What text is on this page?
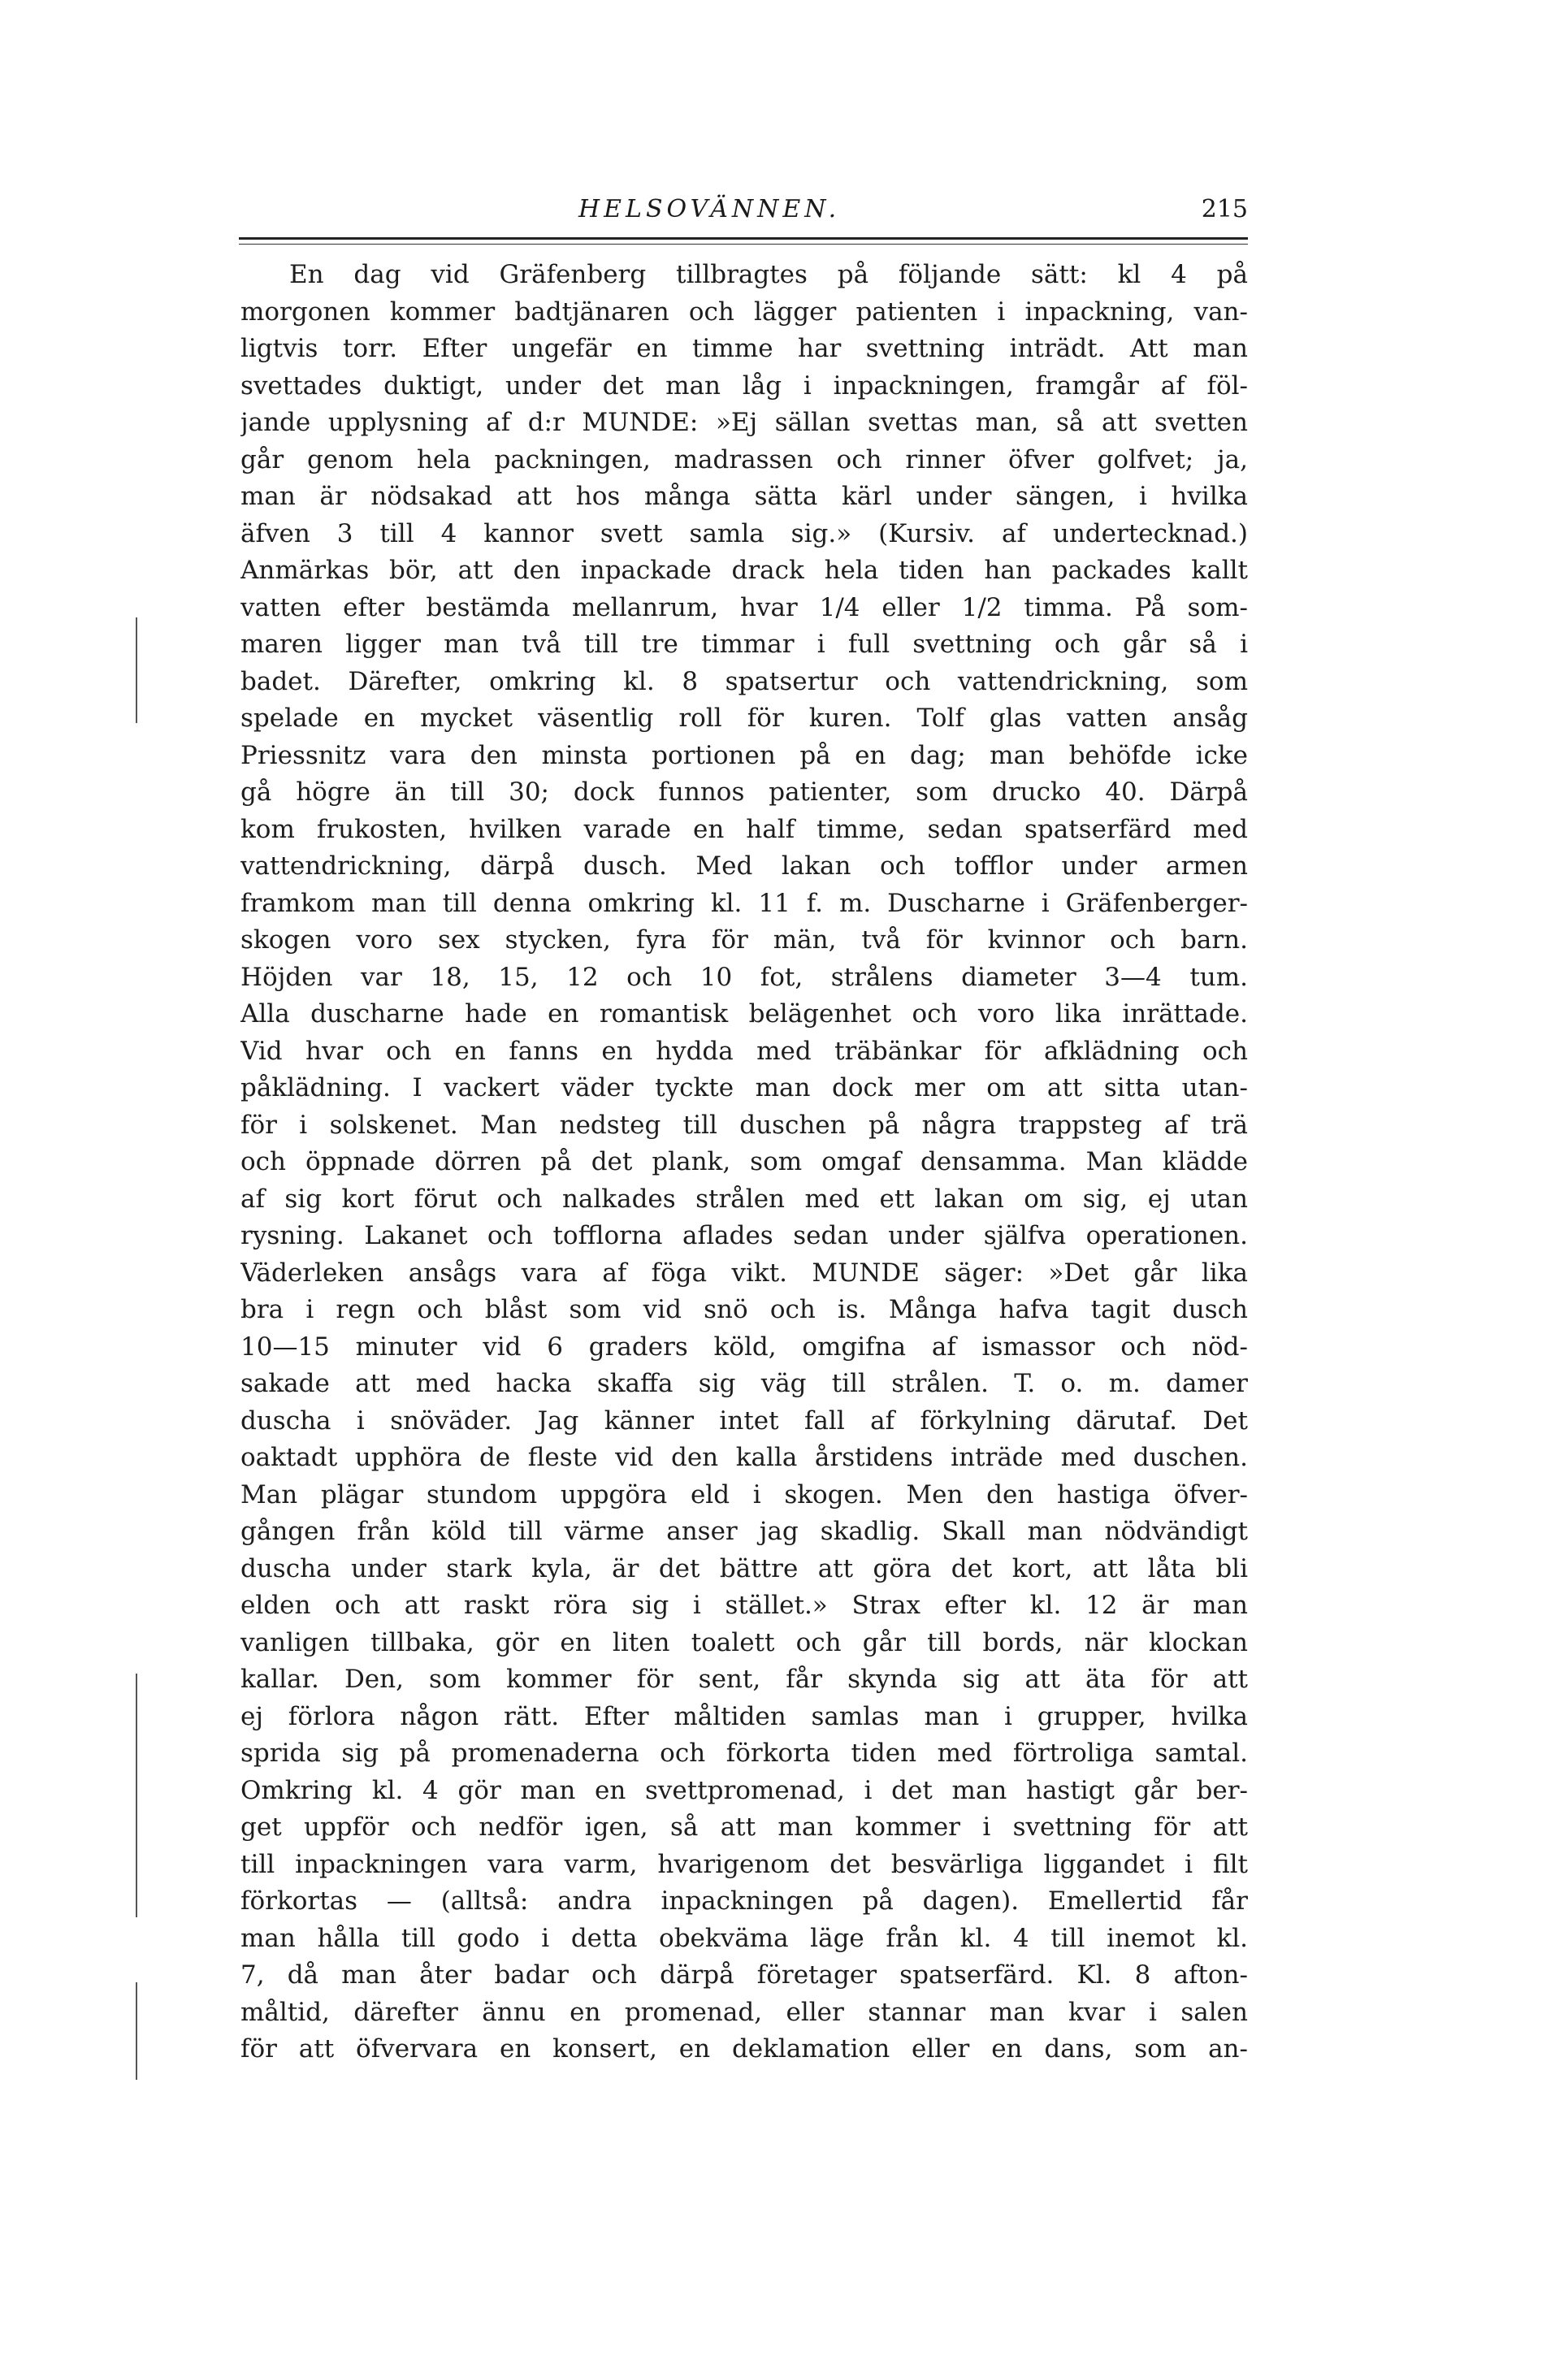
HELSOVÄNNEN.	215
En dag vid Gräfenberg tillbragtes på följande sätt: kl 4 på
morgonen kommer badtjänaren och lägger patienten i inpackning, van-
ligtvis torr. Efter ungefär en timme har svettning inträdt. Att man
svettades duktigt, under det man låg i inpackningen, framgår af föl-
jande upplysning af d:r MUNDE: »Ej sällan svettas man, så att svetten
går genom hela packningen, madrassen och rinner öfver golfvet; ja,
man är nödsakad att hos många sätta kärl under sängen, i hvilka
äfven 3 till 4 kannor svett samla sig.» (Kursiv. af undertecknad.)
Anmärkas bör, att den inpackade drack hela tiden han packades kallt
vatten efter bestämda mellanrum, hvar 1/4 eller 1/2 timma. På som-
maren ligger man två till tre timmar i full svettning och går så i
badet. Därefter, omkring kl. 8 spatsertur och vattendrickning, som
spelade en mycket väsentlig roll för kuren. Tolf glas vatten ansåg
Priessnitz vara den minsta portionen på en dag; man behöfde icke
gå högre än till 30; dock funnos patienter, som drucko 40. Därpå
kom frukosten, hvilken varade en half timme, sedan spatserfärd med
vattendrickning, därpå dusch. Med lakan och tofflor under armen
framkom man till denna omkring kl. 11 f. m. Duscharne i Gräfenberger-
skogen voro sex stycken, fyra för män, två för kvinnor och barn.
Höjden var 18, 15, 12 och 10 fot, strålens diameter 3—4 tum.
Alla duscharne hade en romantisk belägenhet och voro lika inrättade.
Vid hvar och en fanns en hydda med träbänkar för afklädning och
påklädning. I vackert väder tyckte man dock mer om att sitta utan-
för i solskenet. Man nedsteg till duschen på några trappsteg af trä
och öppnade dörren på det plank, som omgaf densamma. Man klädde
af sig kort förut och nalkades strålen med ett lakan om sig, ej utan
rysning. Lakanet och tofflorna aflades sedan under själfva operationen.
Väderleken ansågs vara af föga vikt. MUNDE säger: »Det går lika
bra i regn och blåst som vid snö och is. Många hafva tagit dusch
10—15 minuter vid 6 graders köld, omgifna af ismassor och nöd-
sakade att med hacka skaffa sig väg till strålen. T. o. m. damer
duscha i snöväder. Jag känner intet fall af förkylning därutaf. Det
oaktadt upphöra de fleste vid den kalla årstidens inträde med duschen.
Man plägar stundom uppgöra eld i skogen. Men den hastiga öfver-
gången från köld till värme anser jag skadlig. Skall man nödvändigt
duscha under stark kyla, är det bättre att göra det kort, att låta bli
elden och att raskt röra sig i stället.» Strax efter kl. 12 är man
vanligen tillbaka, gör en liten toalett och går till bords, när klockan
kallar. Den, som kommer för sent, får skynda sig att äta för att
ej förlora någon rätt. Efter måltiden samlas man i grupper, hvilka
sprida sig på promenaderna och förkorta tiden med förtroliga samtal.
Omkring kl. 4 gör man en svettpromenad, i det man hastigt går ber-
get uppför och nedför igen, så att man kommer i svettning för att
till inpackningen vara varm, hvarigenom det besvärliga liggandet i filt
förkortas — (alltså: andra inpackningen på dagen). Emellertid får
man hålla till godo i detta obekväma läge från kl. 4 till inemot kl.
7, då man åter badar och därpå företager spatserfärd. Kl. 8 afton-
måltid, därefter ännu en promenad, eller stannar man kvar i salen
för att öfvervara en konsert, en deklamation eller en dans, som an-
